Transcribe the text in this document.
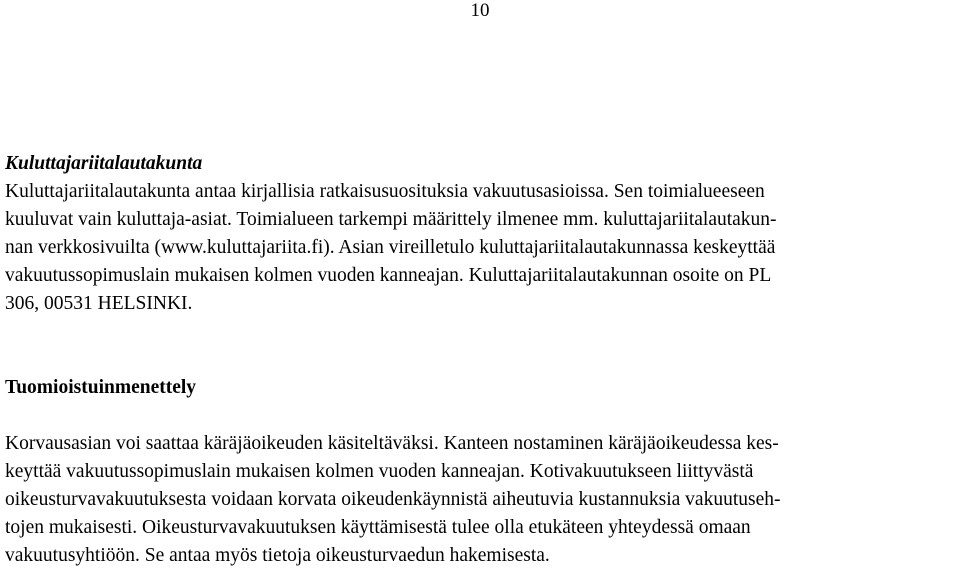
10
Kuluttajariitalautakunta

Kuluttajariitalautakunta antaa kirjallisia ratkaisusuosituksia vakuutusasioissa. Sen toimialueeseen

kuuluvat vain kuluttaja-asiat. Toimialueen tarkempi määrittely ilmenee mm. kuluttajariitalautakun-

nan verkkosivuilta (www.kuluttajariita.fi). Asian vireilletulo kuluttajariitalautakunnassa keskeyttää

vakuutussopimuslain mukaisen kolmen vuoden kanneajan. Kuluttajariitalautakunnan osoite on PL

306, 00531 HELSINKI.

Tuomioistuinmenettely

Korvausasian voi saattaa käräjäoikeuden käsiteltäväksi. Kanteen nostaminen käräjäoikeudessa kes-

keyttää vakuutussopimuslain mukaisen kolmen vuoden kanneajan. Kotivakuutukseen liittyvästä

oikeusturvavakuutuksesta voidaan korvata oikeudenkäynnistä aiheutuvia kustannuksia vakuutuseh-

tojen mukaisesti. Oikeusturvavakuutuksen käyttämisestä tulee olla etukäteen yhteydessä omaan

vakuutusyhtiöön. Se antaa myös tietoja oikeusturvaedun hakemisesta.
